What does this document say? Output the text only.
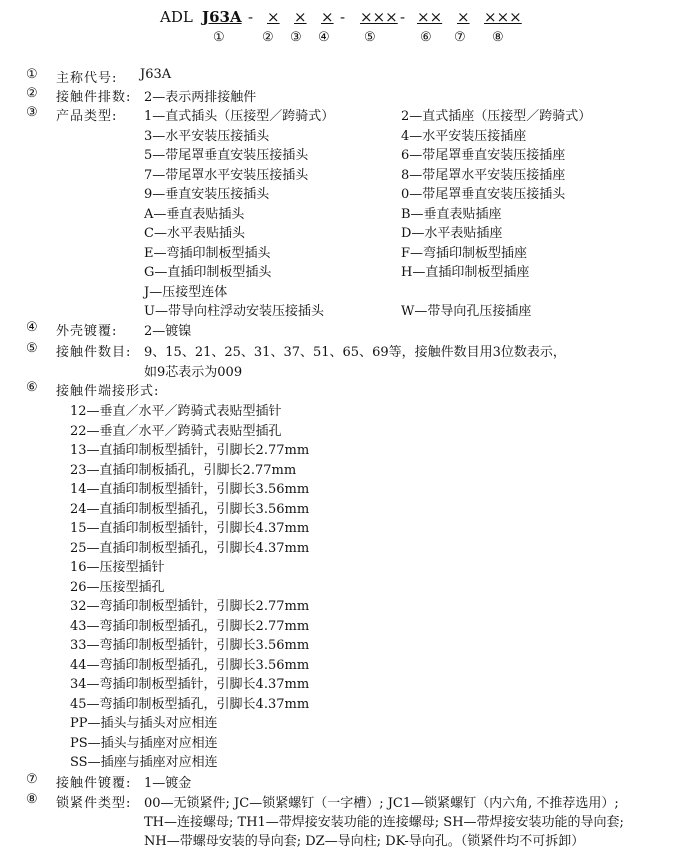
ADL J63A - × × × - ××× - ×× × ×××
①	② ③ ④	⑤	⑥ ⑦ ⑧
① 主称代号: J63A
② 接触件排数: 2—表示两排接触件
③ 产品类型: 1—直式插头（压接型／跨骑式）	2—直式插座（压接型／跨骑式）
3—水平安装压接插头	4—水平安装压接插座
5—带尾罩垂直安装压接插头	6—带尾罩垂直安装压接插座
7—带尾罩水平安装压接插头	8—带尾罩水平安装压接插座
9—垂直安装压接插头	0—带尾罩垂直安装压接插头
A—垂直表贴插头	B—垂直表贴插座
C—水平表贴插头	D—水平表贴插座
E—弯插印制板型插头	F—弯插印制板型插座
G—直插印制板型插头	H—直插印制板型插座
J—压接型连体
U—带导向柱浮动安装压接插头	W—带导向孔压接插座
④ 外壳镀覆: 2—镀镍
⑤ 接触件数目: 9、15、21、25、31、37、51、65、69等，接触件数目用3位数表示，
如9芯表示为009
⑥ 接触件端接形式:
12—垂直／水平／跨骑式表贴型插针
22—垂直／水平／跨骑式表贴型插孔
13—直插印制板型插针，引脚长2.77mm
23—直插印制板插孔，引脚长2.77mm
14—直插印制板型插针，引脚长3.56mm
24—直插印制板型插孔，引脚长3.56mm
15—直插印制板型插针，引脚长4.37mm
25—直插印制板型插孔，引脚长4.37mm
16—压接型插针
26—压接型插孔
32—弯插印制板型插针，引脚长2.77mm
43—弯插印制板型插孔，引脚长2.77mm
33—弯插印制板型插针，引脚长3.56mm
44—弯插印制板型插孔，引脚长3.56mm
34—弯插印制板型插针，引脚长4.37mm
45—弯插印制板型插孔，引脚长4.37mm
PP—插头与插头对应相连
PS—插头与插座对应相连
SS—插座与插座对应相连
⑦ 接触件镀覆: 1—镀金
⑧ 锁紧件类型: 00—无锁紧件; JC—锁紧螺钉（一字槽）; JC1—锁紧螺钉（内六角, 不推荐选用）;
TH—连接螺母; TH1—带焊接安装功能的连接螺母; SH—带焊接安装功能的导向套;
NH—带螺母安装的导向套; DZ—导向柱; DK-导向孔。（锁紧件均不可拆卸）
